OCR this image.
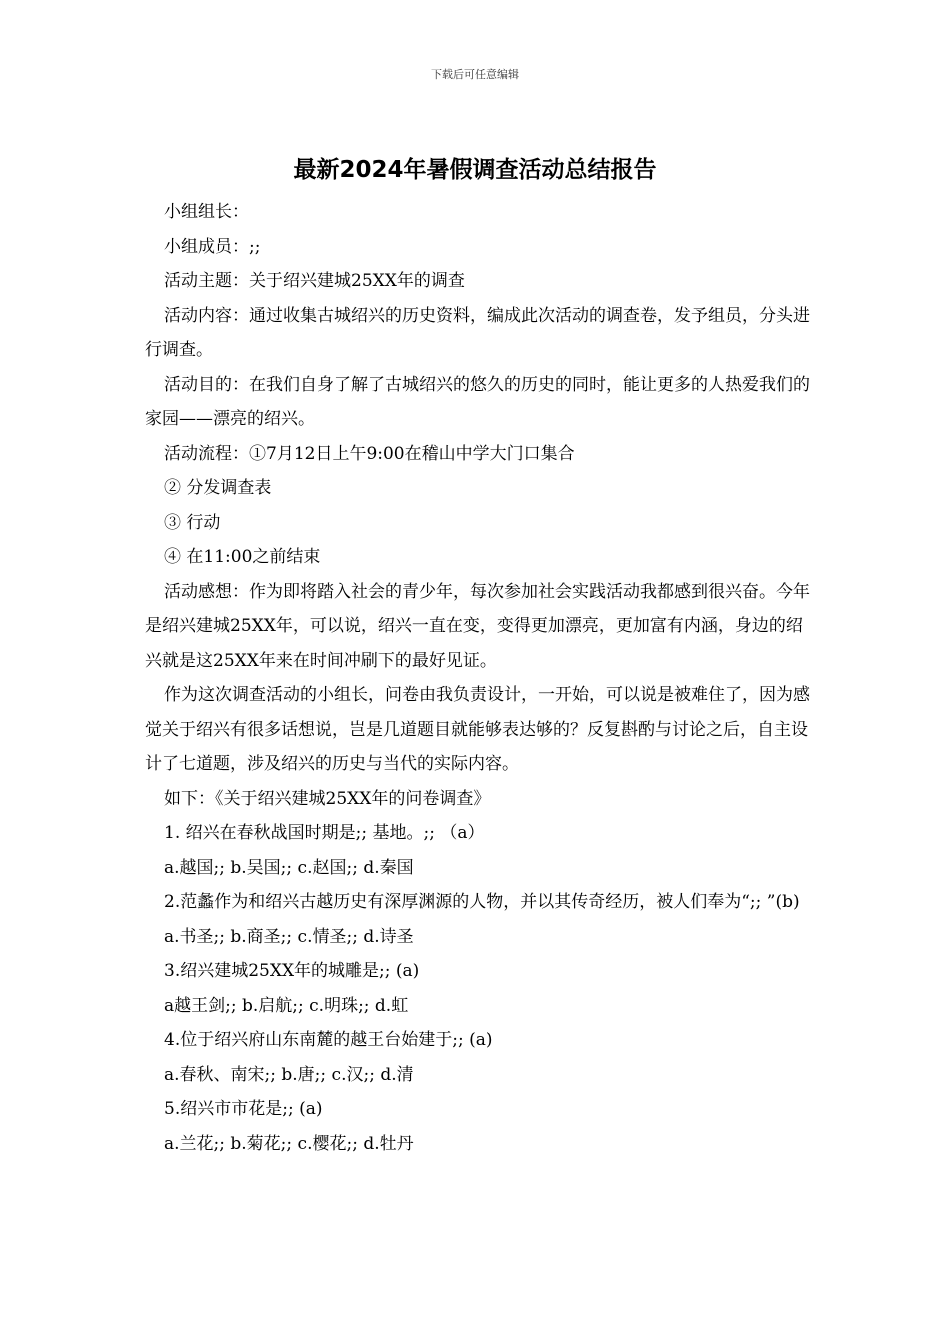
下载后可任意编辑
最新2024年暑假调查活动总结报告

小组组长：

小组成员：;;

活动主题：关于绍兴建城25XX年的调查

活动内容：通过收集古城绍兴的历史资料，编成此次活动的调查卷，发予组员，分头进行调查。

活动目的：在我们自身了解了古城绍兴的悠久的历史的同时，能让更多的人热爱我们的家园——漂亮的绍兴。

活动流程：①7月12日上午9:00在稽山中学大门口集合

② 分发调查表

③ 行动

④ 在11:00之前结束

活动感想：作为即将踏入社会的青少年，每次参加社会实践活动我都感到很兴奋。今年是绍兴建城25XX年，可以说，绍兴一直在变，变得更加漂亮，更加富有内涵，身边的绍兴就是这25XX年来在时间冲刷下的最好见证。

作为这次调查活动的小组长，问卷由我负责设计，一开始，可以说是被难住了，因为感觉关于绍兴有很多话想说，岂是几道题目就能够表达够的？反复斟酌与讨论之后，自主设计了七道题，涉及绍兴的历史与当代的实际内容。

如下：《关于绍兴建城25XX年的问卷调查》

1. 绍兴在春秋战国时期是;; 基地。;; （a）

a.越国;; b.吴国;; c.赵国;; d.秦国

2.范蠡作为和绍兴古越历史有深厚渊源的人物，并以其传奇经历，被人们奉为“;; ”(b)

a.书圣;; b.商圣;; c.情圣;; d.诗圣

3.绍兴建城25XX年的城雕是;; (a)

a越王剑;; b.启航;; c.明珠;; d.虹

4.位于绍兴府山东南麓的越王台始建于;; (a)

a.春秋、南宋;; b.唐;; c.汉;; d.清

5.绍兴市市花是;; (a)

a.兰花;; b.菊花;; c.樱花;; d.牡丹
